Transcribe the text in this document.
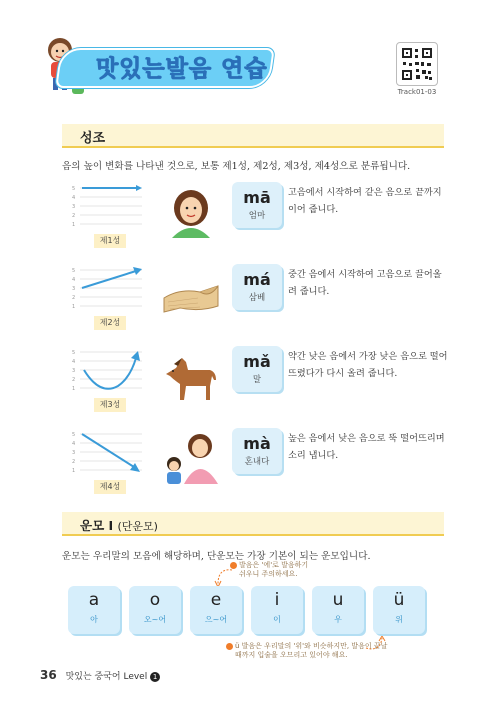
맛있는발음 연습
Track01-03
성조
음의 높이 변화를 나타낸 것으로, 보통 제1성, 제2성, 제3성, 제4성으로 분류됩니다.
5
4
3
2
1
제1성
mā
엄마
고음에서 시작하여 같은 음으로 끝까지 이어 줍니다.
5
4
3
2
1
제2성
má
삼베
중간 음에서 시작하여 고음으로 끌어올려 줍니다.
5
4
3
2
1
제3성
mǎ
말
약간 낮은 음에서 가장 낮은 음으로 떨어뜨렸다가 다시 올려 줍니다.
5
4
3
2
1
제4성
mà
혼내다
높은 음에서 낮은 음으로 뚝 떨어뜨리며 소리 냅니다.
운모 Ⅰ (단운모)
운모는 우리말의 모음에 해당하며, 단운모는 가장 기본이 되는 운모입니다.
발음은 '에'로 발음하기
쉬우니 주의하세요.
a
아
o
오~어
e
으~어
i
이
u
우
ü
위
ü 발음은 우리말의 '위'와 비슷하지만, 발음이 끝날
때까지 입술을 오므리고 있어야 해요.
36 맛있는 중국어 Level 1
